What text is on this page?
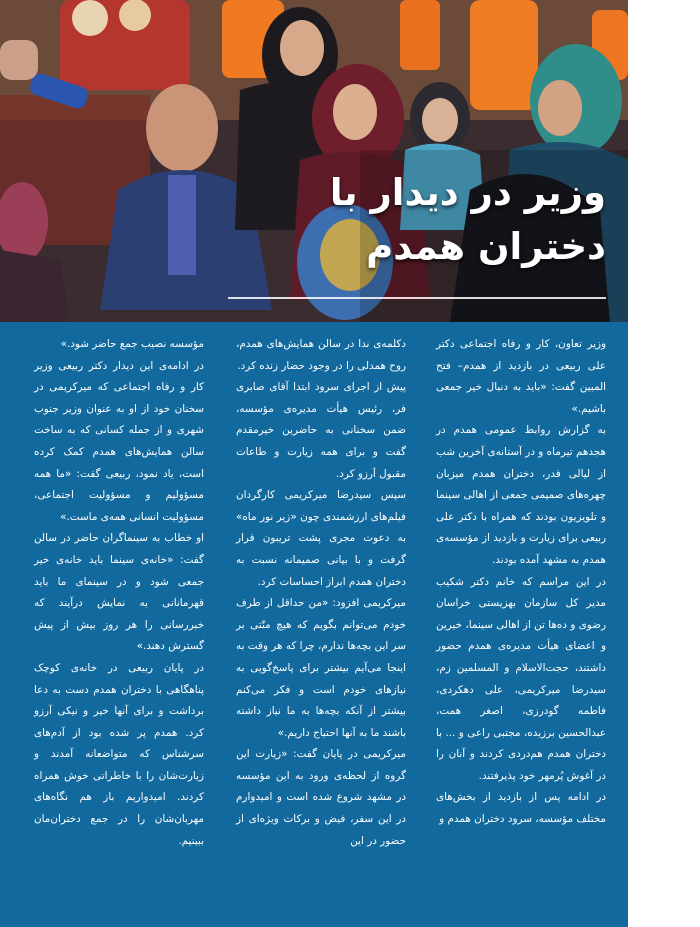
وزیر در دیدار با
دختران همدم

وزیر تعاون، کار و رفاه اجتماعی دکتر علی ربیعی در بازدید از همدم– فتح المبین گفت: «باید به دنبال خیر جمعی باشیم.»

به گزارش روابط عمومی همدم در هجدهم تیرماه و در آستانه‌ی آخرین شب از لیالی قدر، دختران همدم میزبان چهره‌های صمیمی جمعی از اهالی سینما و تلویزیون بودند که همراه با دکتر علی ربیعی برای زیارت و بازدید از مؤسسه‌ی همدم به مشهد آمده بودند.

در این مراسم که خانم دکتر شکیب مدیر کل سازمان بهزیستی خراسان رضوی و ده‌ها تن از اهالی سینما، خیرین و اعضای هیأت مدیره‌ی همدم حضور داشتند، حجت‌الاسلام و المسلمین زم، سیدرضا میرکریمی، علی دهکردی، فاطمه گودرزی، اصغر همت، عبدالحسین برزیده، مجتبی راعی و ... با دختران همدم هم‌دردی کردند و آنان را در آغوش پُرمهر خود پذیرفتند.

در ادامه پس از بازدید از بخش‌های مختلف مؤسسه، سرود دختران همدم و

دکلمه‌ی ندا در سالن همایش‌های همدم، روح همدلی را در وجود حضار زنده کرد.

پیش از اجرای سرود ابتدا آقای صابری فر، رئیس هیأت مدیره‌ی مؤسسه، ضمن سخنانی به حاضرین خیرمقدم گفت و برای همه زیارت و طاعات مقبول آرزو کرد.

سپس سیدرضا میرکریمی کارگردان فیلم‌های ارزشمندی چون «زیر نور ماه» به دعوت مجری پشت تریبون قرار گرفت و با بیانی صمیمانه نسبت به دختران همدم ابراز احساسات کرد.

میرکریمی افزود: «من حداقل از طرف خودم می‌توانم بگویم که هیچ منّتی بر سر این بچه‌ها ندارم، چرا که هر وقت به اینجا می‌آیم بیشتر برای پاسخ‌گویی به نیازهای خودم است و فکر می‌کنم بیشتر از آنکه بچه‌ها به ما نیاز داشته باشند ما به آنها احتیاج داریم.»

میرکریمی در پایان گفت: «زیارت این گروه از لحظه‌ی ورود به این مؤسسه در مشهد شروع شده است و امیدوارم در این سفر، فیض و برکات ویژه‌ای از حضور در این

مؤسسه نصیب جمع حاضر شود.»

در ادامه‌ی این دیدار دکتر ربیعی وزیر کار و رفاه اجتماعی که میرکریمی در سخنان خود از او به عنوان وزیر جنوب شهری و از جمله کسانی که به ساخت سالن همایش‌های همدم کمک کرده است، یاد نمود، ربیعی گفت: «ما همه مسؤولیم و مسؤولیت اجتماعی، مسؤولیت انسانی همه‌ی ماست.»

او خطاب به سینماگران حاضر در سالن گفت: «خانه‌ی سینما باید خانه‌ی خیر جمعی شود و در سینمای ما باید قهرمانانی به نمایش درآیند که خبررسانی را هر روز بیش از پیش گسترش دهند.»

در پایان ربیعی در خانه‌ی کوچک پناهگاهی با دختران همدم دست به دعا برداشت و برای آنها خیر و نیکی آرزو کرد. همدم پر شده بود از آدم‌های سرشناس که متواضعانه آمدند و زیارت‌شان را با خاطراتی خوش همراه کردند. امیدواریم باز هم نگاه‌های مهربان‌شان را در جمع دختران‌مان ببینیم.
